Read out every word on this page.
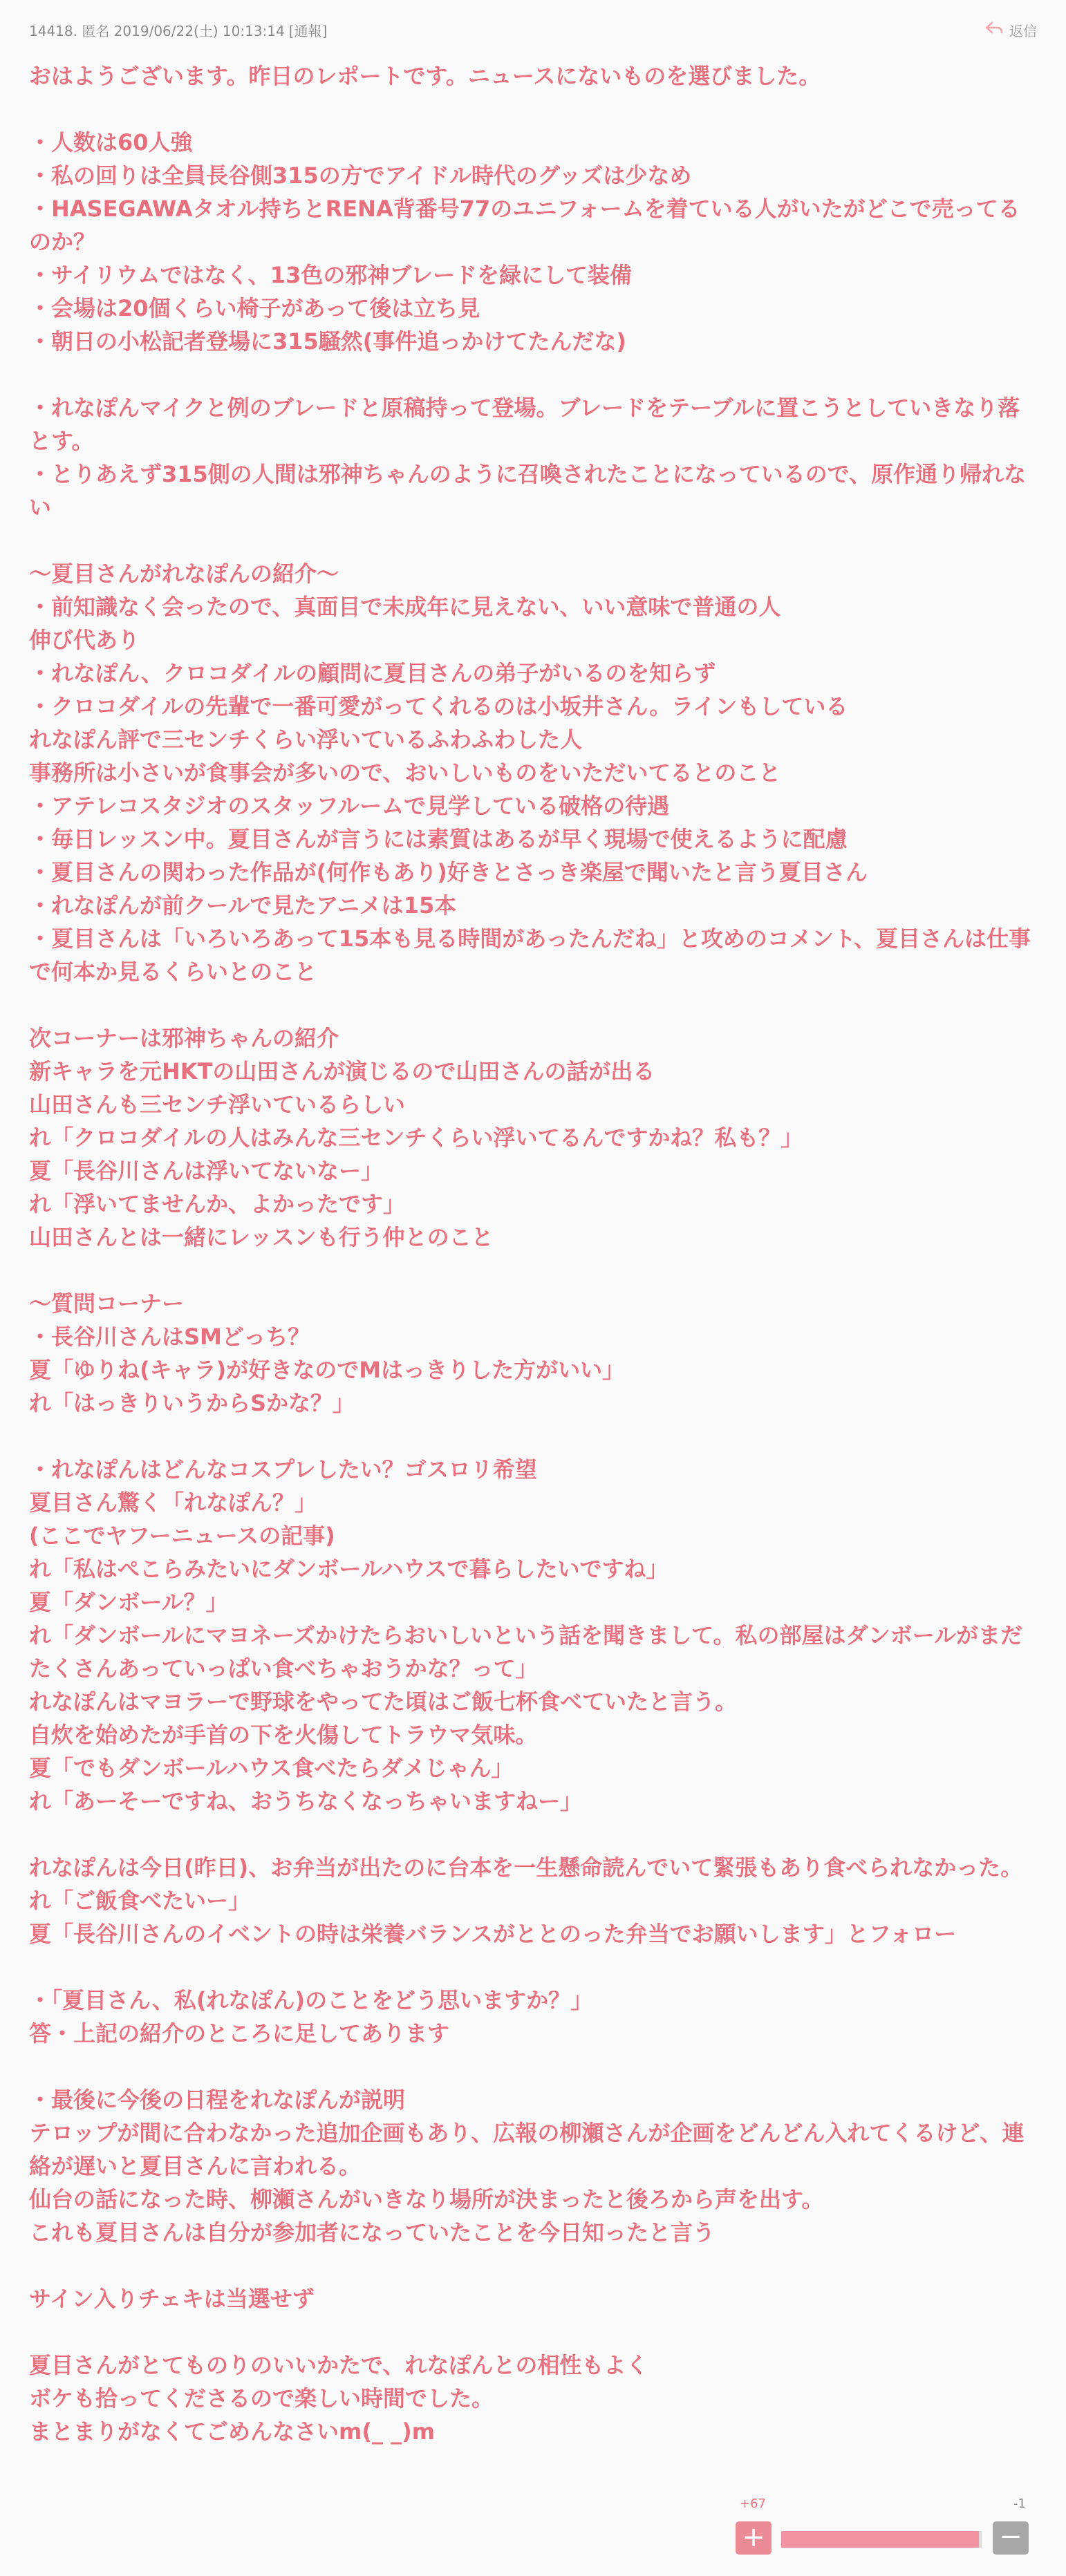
14418. 匿名 2019/06/22(土) 10:13:14 [通報]	返信

おはようございます。昨日のレポートです。ニュースにないものを選びました。

・人数は60人強

・私の回りは全員長谷側315の方でアイドル時代のグッズは少なめ

・HASEGAWAタオル持ちとRENA背番号77のユニフォームを着ている人がいたがどこで売ってるのか？

・サイリウムではなく、13色の邪神ブレードを緑にして装備

・会場は20個くらい椅子があって後は立ち見

・朝日の小松記者登場に315騒然(事件追っかけてたんだな)

・れなぽんマイクと例のブレードと原稿持って登場。ブレードをテーブルに置こうとしていきなり落とす。

・とりあえず315側の人間は邪神ちゃんのように召喚されたことになっているので、原作通り帰れない

～夏目さんがれなぽんの紹介～

・前知識なく会ったので、真面目で未成年に見えない、いい意味で普通の人

伸び代あり

・れなぽん、クロコダイルの顧問に夏目さんの弟子がいるのを知らず

・クロコダイルの先輩で一番可愛がってくれるのは小坂井さん。ラインもしている

れなぽん評で三センチくらい浮いているふわふわした人

事務所は小さいが食事会が多いので、おいしいものをいただいてるとのこと

・アテレコスタジオのスタッフルームで見学している破格の待遇

・毎日レッスン中。夏目さんが言うには素質はあるが早く現場で使えるように配慮

・夏目さんの関わった作品が(何作もあり)好きとさっき楽屋で聞いたと言う夏目さん

・れなぽんが前クールで見たアニメは15本

・夏目さんは「いろいろあって15本も見る時間があったんだね」と攻めのコメント、夏目さんは仕事で何本か見るくらいとのこと

次コーナーは邪神ちゃんの紹介

新キャラを元HKTの山田さんが演じるので山田さんの話が出る

山田さんも三センチ浮いているらしい

れ「クロコダイルの人はみんな三センチくらい浮いてるんですかね？私も？」

夏「長谷川さんは浮いてないなー」

れ「浮いてませんか、よかったです」

山田さんとは一緒にレッスンも行う仲とのこと

～質問コーナー

・長谷川さんはSMどっち？

夏「ゆりね(キャラ)が好きなのでMはっきりした方がいい」

れ「はっきりいうからSかな？」

・れなぽんはどんなコスプレしたい？ゴスロリ希望

夏目さん驚く「れなぽん？」

(ここでヤフーニュースの記事)

れ「私はぺこらみたいにダンボールハウスで暮らしたいですね」

夏「ダンボール？」

れ「ダンボールにマヨネーズかけたらおいしいという話を聞きまして。私の部屋はダンボールがまだたくさんあっていっぱい食べちゃおうかな？って」

れなぽんはマヨラーで野球をやってた頃はご飯七杯食べていたと言う。

自炊を始めたが手首の下を火傷してトラウマ気味。

夏「でもダンボールハウス食べたらダメじゃん」

れ「あーそーですね、おうちなくなっちゃいますねー」

れなぽんは今日(昨日)、お弁当が出たのに台本を一生懸命読んでいて緊張もあり食べられなかった。

れ「ご飯食べたいー」

夏「長谷川さんのイベントの時は栄養バランスがととのった弁当でお願いします」とフォロー

・「夏目さん、私(れなぽん)のことをどう思いますか？」

答・上記の紹介のところに足してあります

・最後に今後の日程をれなぽんが説明

テロップが間に合わなかった追加企画もあり、広報の柳瀬さんが企画をどんどん入れてくるけど、連絡が遅いと夏目さんに言われる。

仙台の話になった時、柳瀬さんがいきなり場所が決まったと後ろから声を出す。

これも夏目さんは自分が参加者になっていたことを今日知ったと言う

サイン入りチェキは当選せず

夏目さんがとてものりのいいかたで、れなぽんとの相性もよく

ボケも拾ってくださるので楽しい時間でした。

まとまりがなくてごめんなさいm(_ _)m

+67	-1
+	−
